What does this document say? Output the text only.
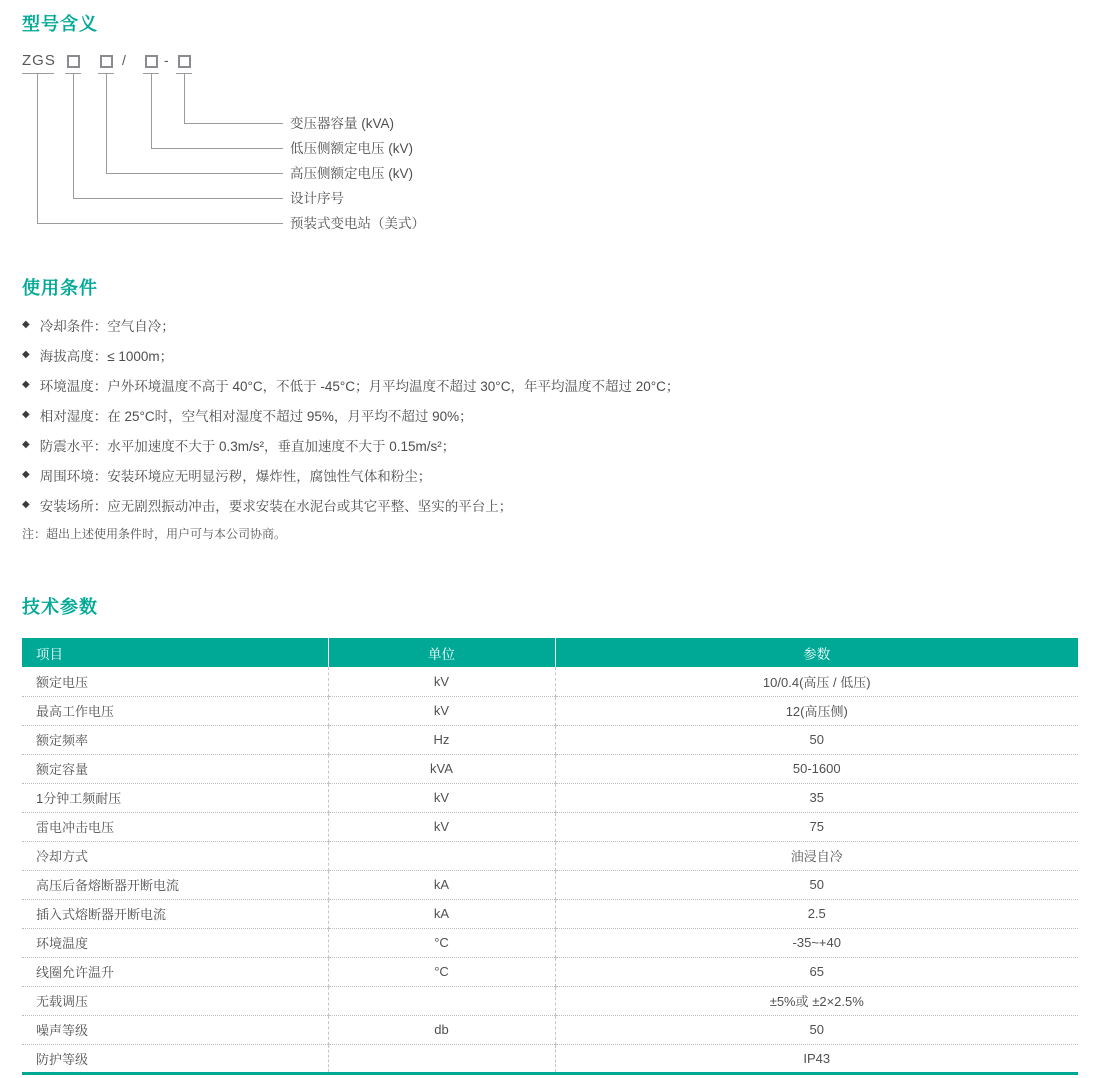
型号含义
ZGS	/	-
变压器容量 (kVA)
低压侧额定电压 (kV)
高压侧额定电压 (kV)
设计序号
预装式变电站（美式）
使用条件
◆ 冷却条件：空气自冷；
◆ 海拔高度：≤ 1000m；
◆ 环境温度：户外环境温度不高于 40°C，不低于 -45°C；月平均温度不超过 30°C，年平均温度不超过 20°C；
◆ 相对湿度：在 25°C时，空气相对湿度不超过 95%，月平均不超过 90%；
◆ 防震水平：水平加速度不大于 0.3m/s²，垂直加速度不大于 0.15m/s²；
◆ 周围环境：安装环境应无明显污秽，爆炸性，腐蚀性气体和粉尘；
◆ 安装场所：应无剧烈振动冲击，要求安装在水泥台或其它平整、坚实的平台上；
注：超出上述使用条件时，用户可与本公司协商。
技术参数
项目	单位	参数
额定电压	kV	10/0.4(高压 / 低压)
最高工作电压	kV	12(高压侧)
额定频率	Hz	50
额定容量	kVA	50-1600
1分钟工频耐压	kV	35
雷电冲击电压	kV	75
冷却方式		油浸自冷
高压后备熔断器开断电流	kA	50
插入式熔断器开断电流	kA	2.5
环境温度	°C	-35~+40
线圈允许温升	°C	65
无载调压		±5%或 ±2×2.5%
噪声等级	db	50
防护等级		IP43
